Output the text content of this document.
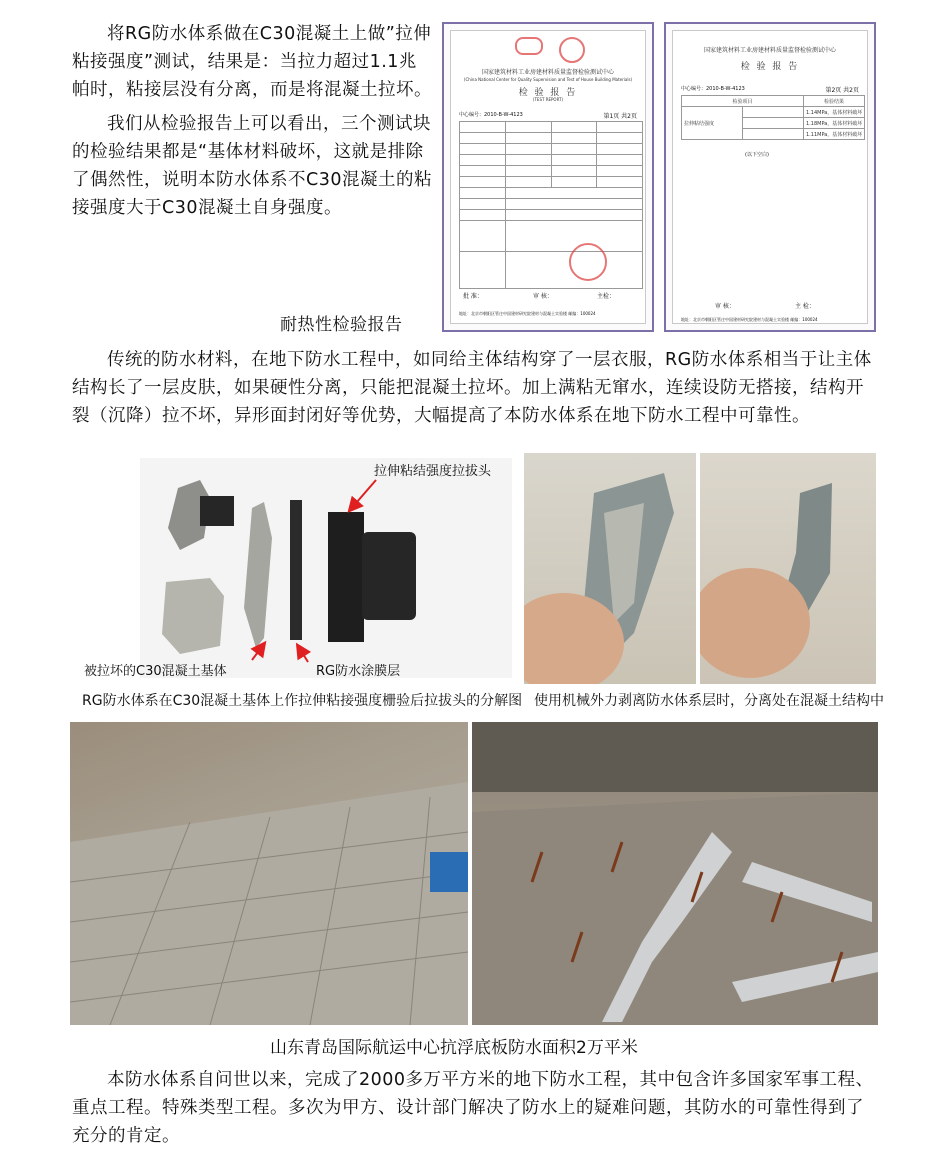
将RG防水体系做在C30混凝土上做”拉伸粘接强度”测试，结果是：当拉力超过1.1兆帕时，粘接层没有分离，而是将混凝土拉坏。

我们从检验报告上可以看出，三个测试块的检验结果都是“基体材料破坏，这就是排除了偶然性，说明本防水体系不C30混凝土的粘接强度大于C30混凝土自身强度。

耐热性检验报告
国家建筑材料工业房建材料质量监督检验测试中心
(China National Center for Quality Supervision and Test of House Building Materials)
检 验 报 告
(TEST REPORT)
中心编号：2010-B-W-4123	第1页 共2页

批 准：	审 核：	主检：
地址：北京市朝阳区管庄中国建材研究院建材与混凝土实验楼 邮编：100024
国家建筑材料工业房建材料质量监督检验测试中心
检 验 报 告
中心编号：2010-B-W-4123	第2页 共2页
检验项目		检验结果
拉伸粘结强度		1.14MPa，基体材料破坏
		1.18MPa，基体材料破坏
		1.11MPa，基体材料破坏
(以下空白)
审 核：	主 检：
地址：北京市朝阳区管庄中国建材研究院建材与混凝土实验楼 邮编：100024

传统的防水材料，在地下防水工程中，如同给主体结构穿了一层衣服，RG防水体系相当于让主体结构长了一层皮肤，如果硬性分离，只能把混凝土拉坏。加上满粘无窜水，连续设防无搭接，结构开裂（沉降）拉不坏，异形面封闭好等优势，大幅提高了本防水体系在地下防水工程中可靠性。

拉伸粘结强度拉拔头
被拉坏的C30混凝土基体	RG防水涂膜层
RG防水体系在C30混凝土基体上作拉伸粘接强度栅验后拉拔头的分解图 使用机械外力剥离防水体系层时，分离处在混凝土结构中
山东青岛国际航运中心抗浮底板防水面积2万平米

本防水体系自问世以来，完成了2000多万平方米的地下防水工程，其中包含许多国家军事工程、重点工程。特殊类型工程。多次为甲方、设计部门解决了防水上的疑难问题，其防水的可靠性得到了充分的肯定。
